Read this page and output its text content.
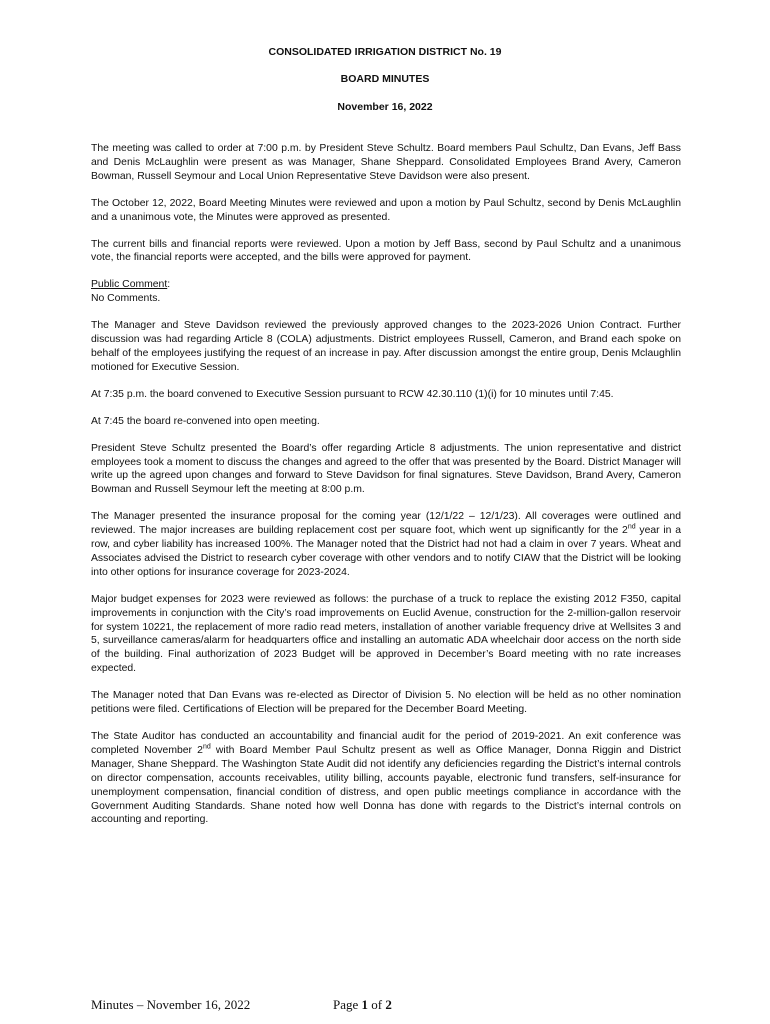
CONSOLIDATED IRRIGATION DISTRICT No. 19
BOARD MINUTES
November 16, 2022

The meeting was called to order at 7:00 p.m. by President Steve Schultz. Board members Paul Schultz, Dan Evans, Jeff Bass and Denis McLaughlin were present as was Manager, Shane Sheppard. Consolidated Employees Brand Avery, Cameron Bowman, Russell Seymour and Local Union Representative Steve Davidson were also present.

The October 12, 2022, Board Meeting Minutes were reviewed and upon a motion by Paul Schultz, second by Denis McLaughlin and a unanimous vote, the Minutes were approved as presented.

The current bills and financial reports were reviewed. Upon a motion by Jeff Bass, second by Paul Schultz and a unanimous vote, the financial reports were accepted, and the bills were approved for payment.

Public Comment:
No Comments.

The Manager and Steve Davidson reviewed the previously approved changes to the 2023-2026 Union Contract. Further discussion was had regarding Article 8 (COLA) adjustments. District employees Russell, Cameron, and Brand each spoke on behalf of the employees justifying the request of an increase in pay. After discussion amongst the entire group, Denis Mclaughlin motioned for Executive Session.

At 7:35 p.m. the board convened to Executive Session pursuant to RCW 42.30.110 (1)(i) for 10 minutes until 7:45.

At 7:45 the board re-convened into open meeting.

President Steve Schultz presented the Board’s offer regarding Article 8 adjustments. The union representative and district employees took a moment to discuss the changes and agreed to the offer that was presented by the Board. District Manager will write up the agreed upon changes and forward to Steve Davidson for final signatures. Steve Davidson, Brand Avery, Cameron Bowman and Russell Seymour left the meeting at 8:00 p.m.

The Manager presented the insurance proposal for the coming year (12/1/22 – 12/1/23). All coverages were outlined and reviewed. The major increases are building replacement cost per square foot, which went up significantly for the 2nd year in a row, and cyber liability has increased 100%. The Manager noted that the District had not had a claim in over 7 years. Wheat and Associates advised the District to research cyber coverage with other vendors and to notify CIAW that the District will be looking into other options for insurance coverage for 2023-2024.

Major budget expenses for 2023 were reviewed as follows: the purchase of a truck to replace the existing 2012 F350, capital improvements in conjunction with the City’s road improvements on Euclid Avenue, construction for the 2-million-gallon reservoir for system 10221, the replacement of more radio read meters, installation of another variable frequency drive at Wellsites 3 and 5, surveillance cameras/alarm for headquarters office and installing an automatic ADA wheelchair door access on the north side of the building. Final authorization of 2023 Budget will be approved in December’s Board meeting with no rate increases expected.

The Manager noted that Dan Evans was re-elected as Director of Division 5. No election will be held as no other nomination petitions were filed. Certifications of Election will be prepared for the December Board Meeting.

The State Auditor has conducted an accountability and financial audit for the period of 2019-2021. An exit conference was completed November 2nd with Board Member Paul Schultz present as well as Office Manager, Donna Riggin and District Manager, Shane Sheppard. The Washington State Audit did not identify any deficiencies regarding the District’s internal controls on director compensation, accounts receivables, utility billing, accounts payable, electronic fund transfers, self-insurance for unemployment compensation, financial condition of distress, and open public meetings compliance in accordance with the Government Auditing Standards. Shane noted how well Donna has done with regards to the District’s internal controls on accounting and reporting.

Minutes – November 16, 2022	Page 1 of 2
